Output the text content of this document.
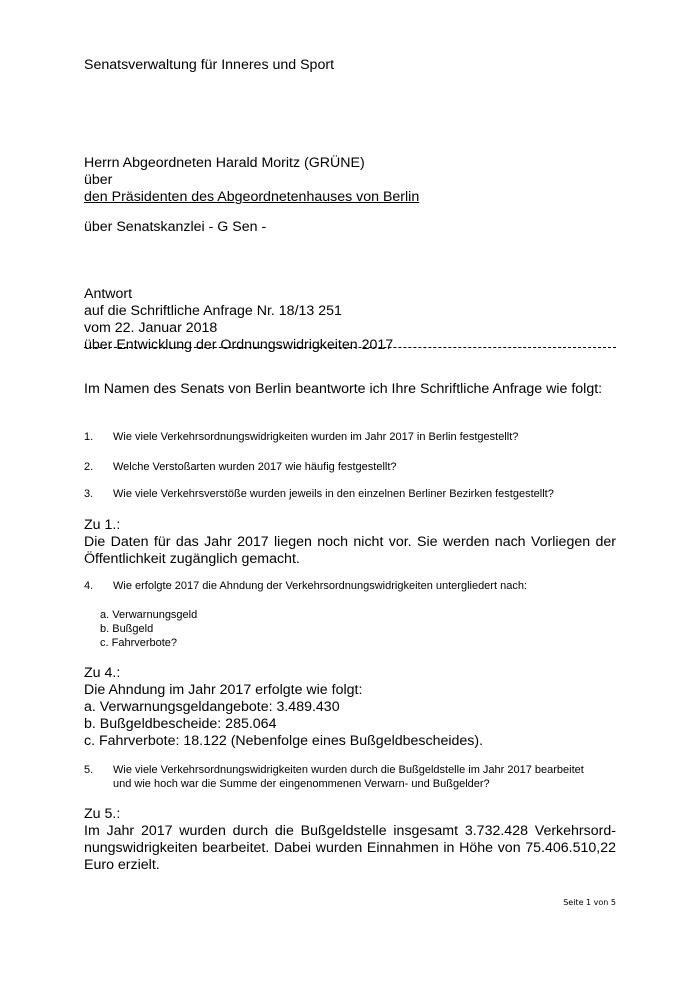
Senatsverwaltung für Inneres und Sport
Herrn Abgeordneten Harald Moritz (GRÜNE)
über
den Präsidenten des Abgeordnetenhauses von Berlin
über Senatskanzlei - G Sen -
Antwort
auf die Schriftliche Anfrage Nr. 18/13 251
vom 22. Januar 2018
über Entwicklung der Ordnungswidrigkeiten 2017
Im Namen des Senats von Berlin beantworte ich Ihre Schriftliche Anfrage wie folgt:
1. Wie viele Verkehrsordnungswidrigkeiten wurden im Jahr 2017 in Berlin festgestellt?
2. Welche Verstoßarten wurden 2017 wie häufig festgestellt?
3. Wie viele Verkehrsverstöße wurden jeweils in den einzelnen Berliner Bezirken festgestellt?
Zu 1.:
Die Daten für das Jahr 2017 liegen noch nicht vor. Sie werden nach Vorliegen der Öffentlichkeit zugänglich gemacht.
4. Wie erfolgte 2017 die Ahndung der Verkehrsordnungswidrigkeiten untergliedert nach:
a. Verwarnungsgeld
b. Bußgeld
c. Fahrverbote?
Zu 4.:
Die Ahndung im Jahr 2017 erfolgte wie folgt:
a. Verwarnungsgeldangebote: 3.489.430
b. Bußgeldbescheide: 285.064
c. Fahrverbote: 18.122 (Nebenfolge eines Bußgeldbescheides).
5. Wie viele Verkehrsordnungswidrigkeiten wurden durch die Bußgeldstelle im Jahr 2017 bearbeitet
und wie hoch war die Summe der eingenommenen Verwarn- und Bußgelder?
Zu 5.:
Im Jahr 2017 wurden durch die Bußgeldstelle insgesamt 3.732.428 Verkehrsordnungswidrigkeiten bearbeitet. Dabei wurden Einnahmen in Höhe von 75.406.510,22 Euro erzielt.
Seite 1 von 5
